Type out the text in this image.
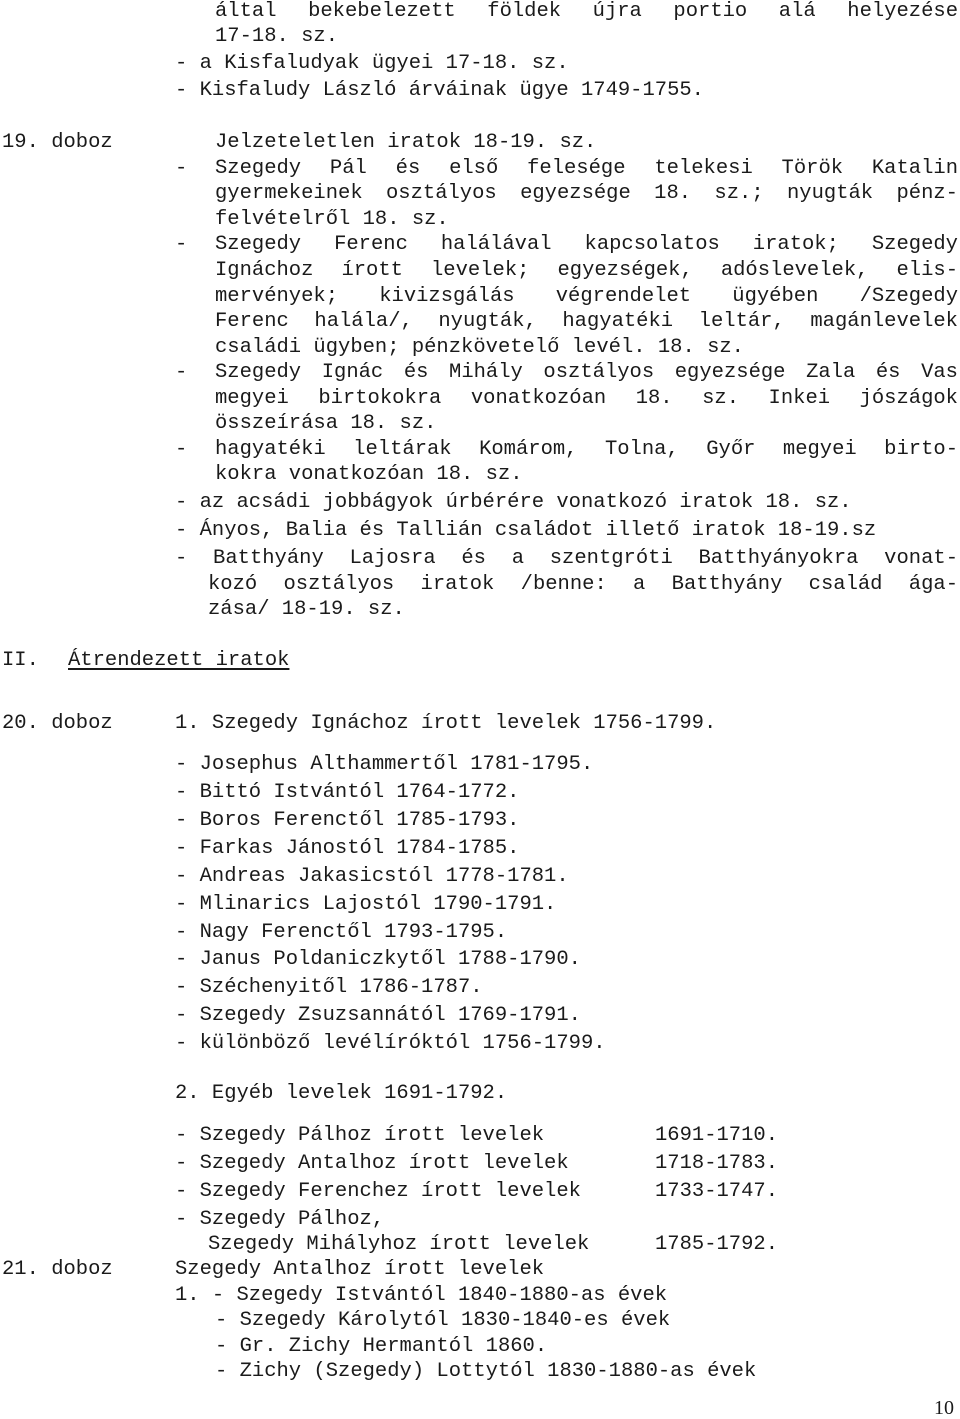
által bekebelezett földek újra portio alá helyezése
17-18. sz.
- a Kisfaludyak ügyei 17-18. sz.
- Kisfaludy László árváinak ügye 1749-1755.
19. doboz	Jelzeteletlen iratok 18-19. sz.
- Szegedy Pál és első felesége telekesi Török Katalin
gyermekeinek osztályos egyezsége 18. sz.; nyugták pénz-
felvételről 18. sz.
- Szegedy Ferenc halálával kapcsolatos iratok; Szegedy
Ignáchoz írott levelek; egyezségek, adóslevelek, elis-
mervények; kivizsgálás végrendelet ügyében /Szegedy
Ferenc halála/, nyugták, hagyatéki leltár, magánlevelek
családi ügyben; pénzkövetelő levél. 18. sz.
- Szegedy Ignác és Mihály osztályos egyezsége Zala és Vas
megyei birtokokra vonatkozóan 18. sz. Inkei jószágok
összeírása 18. sz.
- hagyatéki leltárak Komárom, Tolna, Győr megyei birto-
kokra vonatkozóan 18. sz.
- az acsádi jobbágyok úrbérére vonatkozó iratok 18. sz.
- Ányos, Balia és Tallián családot illető iratok 18-19.sz
- Batthyány Lajosra és a szentgróti Batthyányokra vonat-
kozó osztályos iratok /benne: a Batthyány család ága-
zása/ 18-19. sz.
II. Átrendezett iratok
20. doboz	1. Szegedy Ignáchoz írott levelek 1756-1799.
- Josephus Althammertől 1781-1795.
- Bittó Istvántól 1764-1772.
- Boros Ferenctől 1785-1793.
- Farkas Jánostól 1784-1785.
- Andreas Jakasicstól 1778-1781.
- Mlinarics Lajostól 1790-1791.
- Nagy Ferenctől 1793-1795.
- Janus Poldaniczkytől 1788-1790.
- Széchenyitől 1786-1787.
- Szegedy Zsuzsannától 1769-1791.
- különböző levélíróktól 1756-1799.
2. Egyéb levelek 1691-1792.
- Szegedy Pálhoz írott levelek	1691-1710.
- Szegedy Antalhoz írott levelek	1718-1783.
- Szegedy Ferenchez írott levelek	1733-1747.
- Szegedy Pálhoz,
Szegedy Mihályhoz írott levelek	1785-1792.
21. doboz	Szegedy Antalhoz írott levelek
1. - Szegedy Istvántól 1840-1880-as évek
- Szegedy Károlytól 1830-1840-es évek
- Gr. Zichy Hermantól 1860.
- Zichy (Szegedy) Lottytól 1830-1880-as évek
10
